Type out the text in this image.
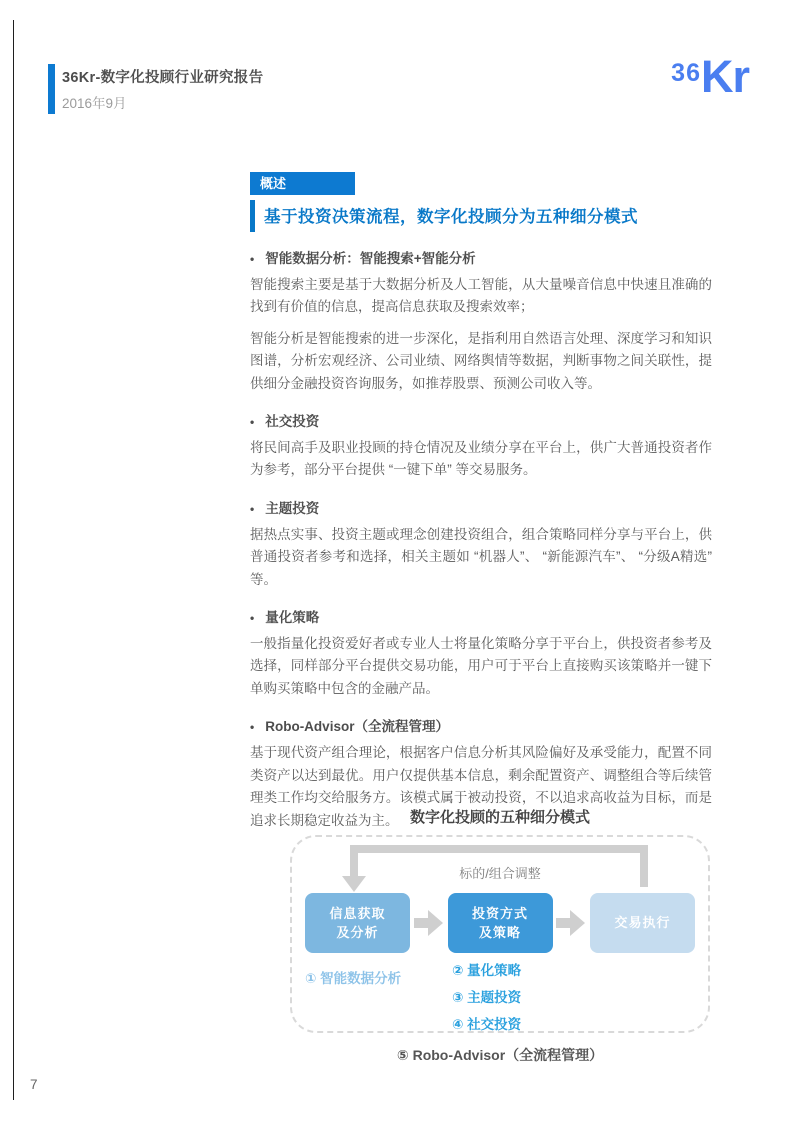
36Kr-数字化投顾行业研究报告
2016年9月
36 Kr
概述
基于投资决策流程，数字化投顾分为五种细分模式
• 智能数据分析：智能搜索+智能分析

智能搜索主要是基于大数据分析及人工智能，从大量噪音信息中快速且准确的找到有价值的信息，提高信息获取及搜索效率；

智能分析是智能搜索的进一步深化，是指利用自然语言处理、深度学习和知识图谱，分析宏观经济、公司业绩、网络舆情等数据，判断事物之间关联性，提供细分金融投资咨询服务，如推荐股票、预测公司收入等。

• 社交投资

将民间高手及职业投顾的持仓情况及业绩分享在平台上，供广大普通投资者作为参考，部分平台提供 “一键下单” 等交易服务。

• 主题投资

据热点实事、投资主题或理念创建投资组合，组合策略同样分享与平台上，供普通投资者参考和选择，相关主题如 “机器人”、 “新能源汽车”、 “分级A精选” 等。

• 量化策略

一般指量化投资爱好者或专业人士将量化策略分享于平台上，供投资者参考及选择，同样部分平台提供交易功能，用户可于平台上直接购买该策略并一键下单购买策略中包含的金融产品。

• Robo-Advisor（全流程管理）

基于现代资产组合理论，根据客户信息分析其风险偏好及承受能力，配置不同类资产以达到最优。用户仅提供基本信息，剩余配置资产、调整组合等后续管理类工作均交给服务方。该模式属于被动投资，不以追求高收益为目标，而是追求长期稳定收益为主。 数字化投顾的五种细分模式
标的/组合调整
信息获取
及分析
投资方式
及策略
交易执行
① 智能数据分析
② 量化策略
③ 主题投资
④ 社交投资
⑤ Robo-Advisor（全流程管理）
7
